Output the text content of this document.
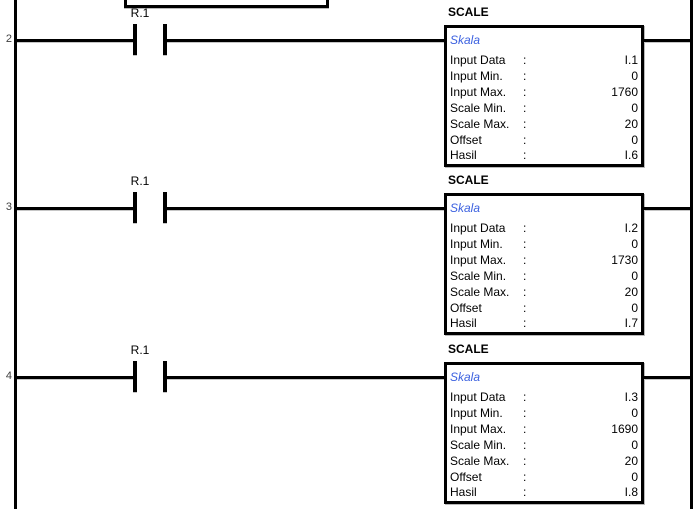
2
R.1	SCALE
Skala
Input Data	:	I.1
Input Min.	:	0
Input Max.	:	1760
Scale Min.	:	0
Scale Max.	:	20
Offset	:	0
Hasil	:	I.6
3
R.1	SCALE
Skala
Input Data	:	I.2
Input Min.	:	0
Input Max.	:	1730
Scale Min.	:	0
Scale Max.	:	20
Offset	:	0
Hasil	:	I.7
4
R.1	SCALE
Skala
Input Data	:	I.3
Input Min.	:	0
Input Max.	:	1690
Scale Min.	:	0
Scale Max.	:	20
Offset	:	0
Hasil	:	I.8
